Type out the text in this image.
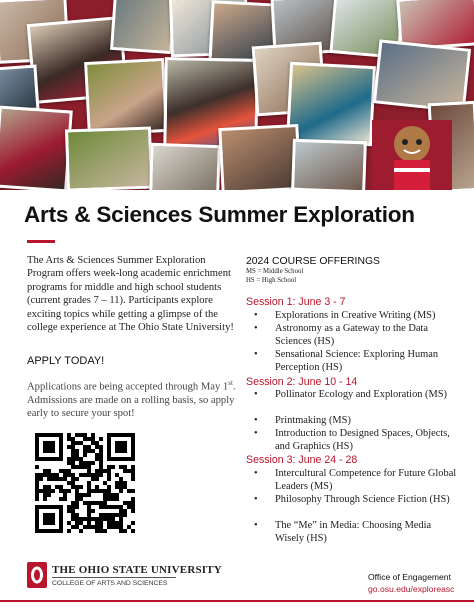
Arts & Sciences Summer Exploration
The Arts & Sciences Summer Exploration Program offers week-long academic enrichment programs for middle and high school students (current grades 7 – 11). Participants explore exciting topics while getting a glimpse of the college experience at The Ohio State University!
APPLY TODAY!
Applications are being accepted through May 1st. Admissions are made on a rolling basis, so apply early to secure your spot!
2024 COURSE OFFERINGS
MS = Middle School
HS = High School
Session 1: June 3 - 7
•	Explorations in Creative Writing (MS)
•	Astronomy as a Gateway to the Data Sciences (HS)
•	Sensational Science: Exploring Human Perception (HS)
Session 2: June 10 - 14
•	Pollinator Ecology and Exploration (MS)
•	Printmaking (MS)
•	Introduction to Designed Spaces, Objects, and Graphics (HS)
Session 3: June 24 - 28
•	Intercultural Competence for Future Global Leaders (MS)
•	Philosophy Through Science Fiction (HS)
•	The “Me” in Media: Choosing Media Wisely (HS)
THE OHIO STATE UNIVERSITY
COLLEGE OF ARTS AND SCIENCES
Office of Engagement
go.osu.edu/exploreasc
